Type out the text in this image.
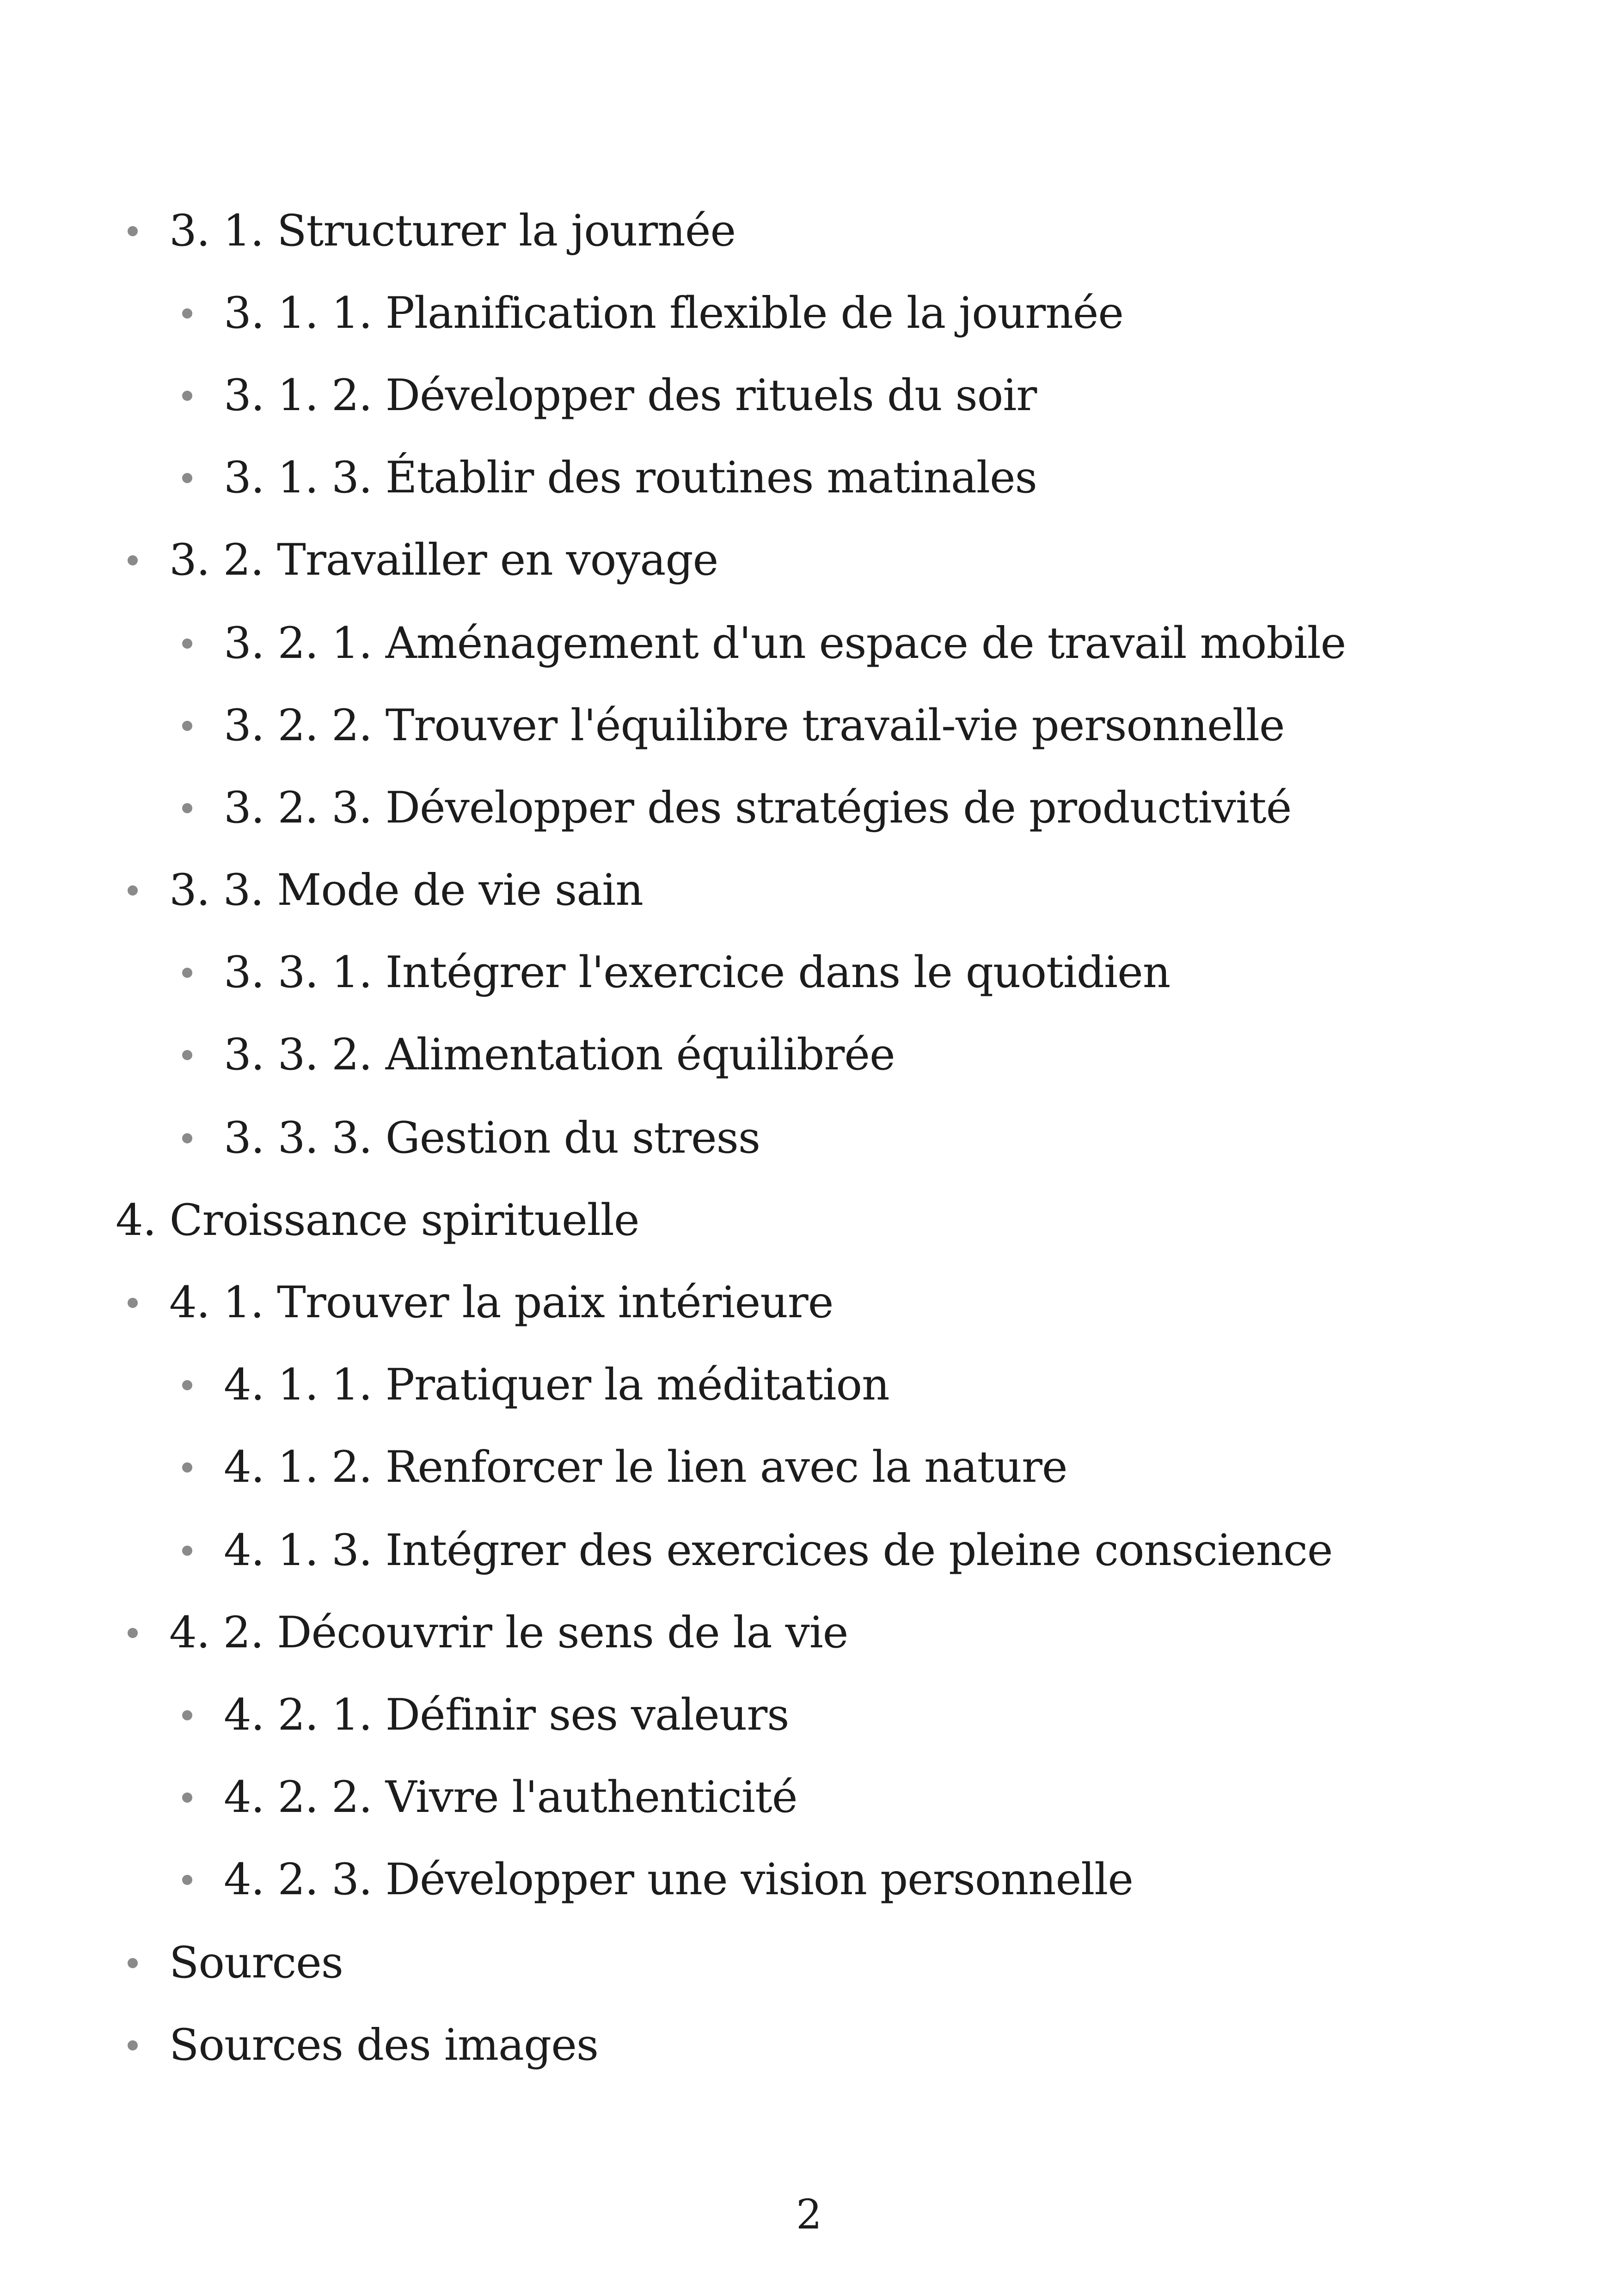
3. 1. Structurer la journée
3. 1. 1. Planification flexible de la journée
3. 1. 2. Développer des rituels du soir
3. 1. 3. Établir des routines matinales
3. 2. Travailler en voyage
3. 2. 1. Aménagement d'un espace de travail mobile
3. 2. 2. Trouver l'équilibre travail-vie personnelle
3. 2. 3. Développer des stratégies de productivité
3. 3. Mode de vie sain
3. 3. 1. Intégrer l'exercice dans le quotidien
3. 3. 2. Alimentation équilibrée
3. 3. 3. Gestion du stress
4. Croissance spirituelle
4. 1. Trouver la paix intérieure
4. 1. 1. Pratiquer la méditation
4. 1. 2. Renforcer le lien avec la nature
4. 1. 3. Intégrer des exercices de pleine conscience
4. 2. Découvrir le sens de la vie
4. 2. 1. Définir ses valeurs
4. 2. 2. Vivre l'authenticité
4. 2. 3. Développer une vision personnelle
Sources
Sources des images
2
